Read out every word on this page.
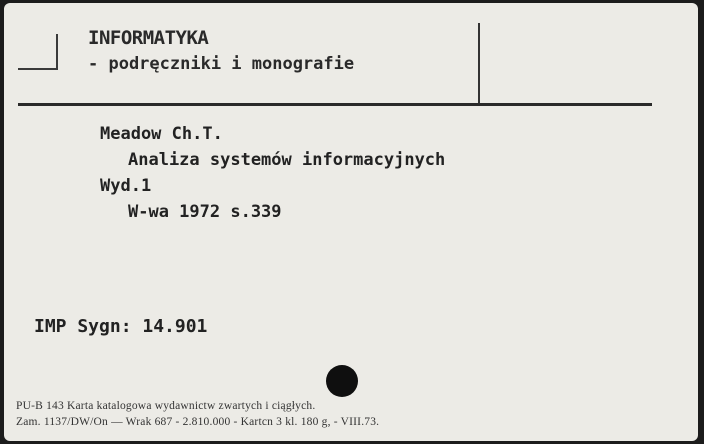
INFORMATYKA
- podręczniki i monografie
Meadow Ch.T.
Analiza systemów informacyjnych
Wyd.1
W-wa 1972 s.339
IMP Sygn: 14.901
PU-B 143 Karta katalogowa wydawnictw zwartych i ciągłych.
Zam. 1137/DW/On — Wrak 687 - 2.810.000 - Kartcn 3 kl. 180 g, - VIII.73.
